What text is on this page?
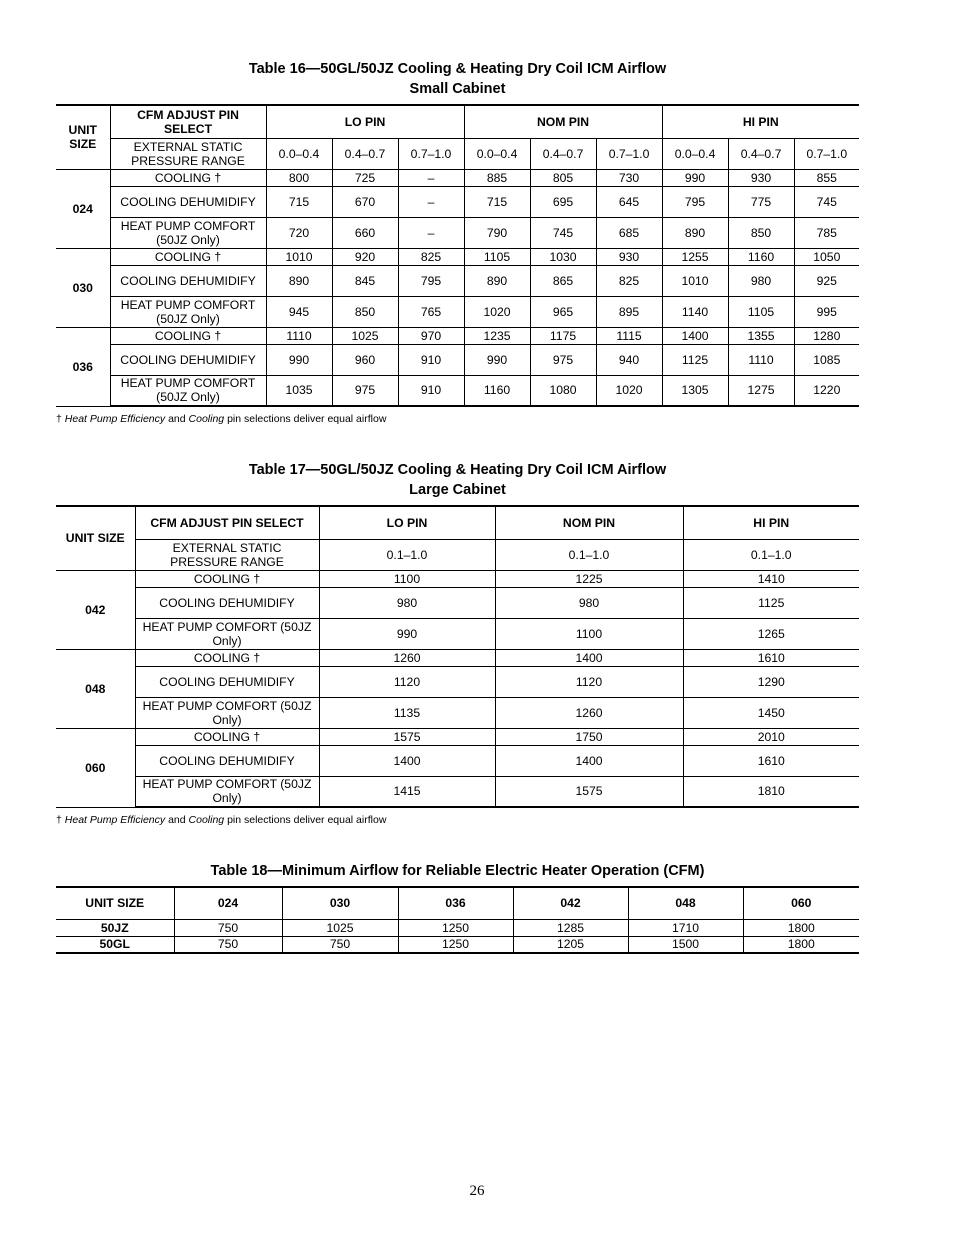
Table 16—50GL/50JZ Cooling & Heating Dry Coil ICM Airflow
Small Cabinet
UNIT SIZE	CFM ADJUST PIN SELECT	LO PIN			NOM PIN			HI PIN		
	EXTERNAL STATIC PRESSURE RANGE	0.0–0.4	0.4–0.7	0.7–1.0	0.0–0.4	0.4–0.7	0.7–1.0	0.0–0.4	0.4–0.7	0.7–1.0
024	COOLING †	800	725	–	885	805	730	990	930	855
	COOLING DEHUMIDIFY	715	670	–	715	695	645	795	775	745
	HEAT PUMP COMFORT (50JZ Only)	720	660	–	790	745	685	890	850	785
030	COOLING †	1010	920	825	1105	1030	930	1255	1160	1050
	COOLING DEHUMIDIFY	890	845	795	890	865	825	1010	980	925
	HEAT PUMP COMFORT (50JZ Only)	945	850	765	1020	965	895	1140	1105	995
036	COOLING †	1110	1025	970	1235	1175	1115	1400	1355	1280
	COOLING DEHUMIDIFY	990	960	910	990	975	940	1125	1110	1085
	HEAT PUMP COMFORT (50JZ Only)	1035	975	910	1160	1080	1020	1305	1275	1220
† Heat Pump Efficiency and Cooling pin selections deliver equal airflow
Table 17—50GL/50JZ Cooling & Heating Dry Coil ICM Airflow
Large Cabinet
UNIT SIZE	CFM ADJUST PIN SELECT	LO PIN	NOM PIN	HI PIN
	EXTERNAL STATIC PRESSURE RANGE	0.1–1.0	0.1–1.0	0.1–1.0
042	COOLING †	1100	1225	1410
	COOLING DEHUMIDIFY	980	980	1125
	HEAT PUMP COMFORT (50JZ Only)	990	1100	1265
048	COOLING †	1260	1400	1610
	COOLING DEHUMIDIFY	1120	1120	1290
	HEAT PUMP COMFORT (50JZ Only)	1135	1260	1450
060	COOLING †	1575	1750	2010
	COOLING DEHUMIDIFY	1400	1400	1610
	HEAT PUMP COMFORT (50JZ Only)	1415	1575	1810
† Heat Pump Efficiency and Cooling pin selections deliver equal airflow
Table 18—Minimum Airflow for Reliable Electric Heater Operation (CFM)
UNIT SIZE	024	030	036	042	048	060
50JZ	750	1025	1250	1285	1710	1800
50GL	750	750	1250	1205	1500	1800
26
